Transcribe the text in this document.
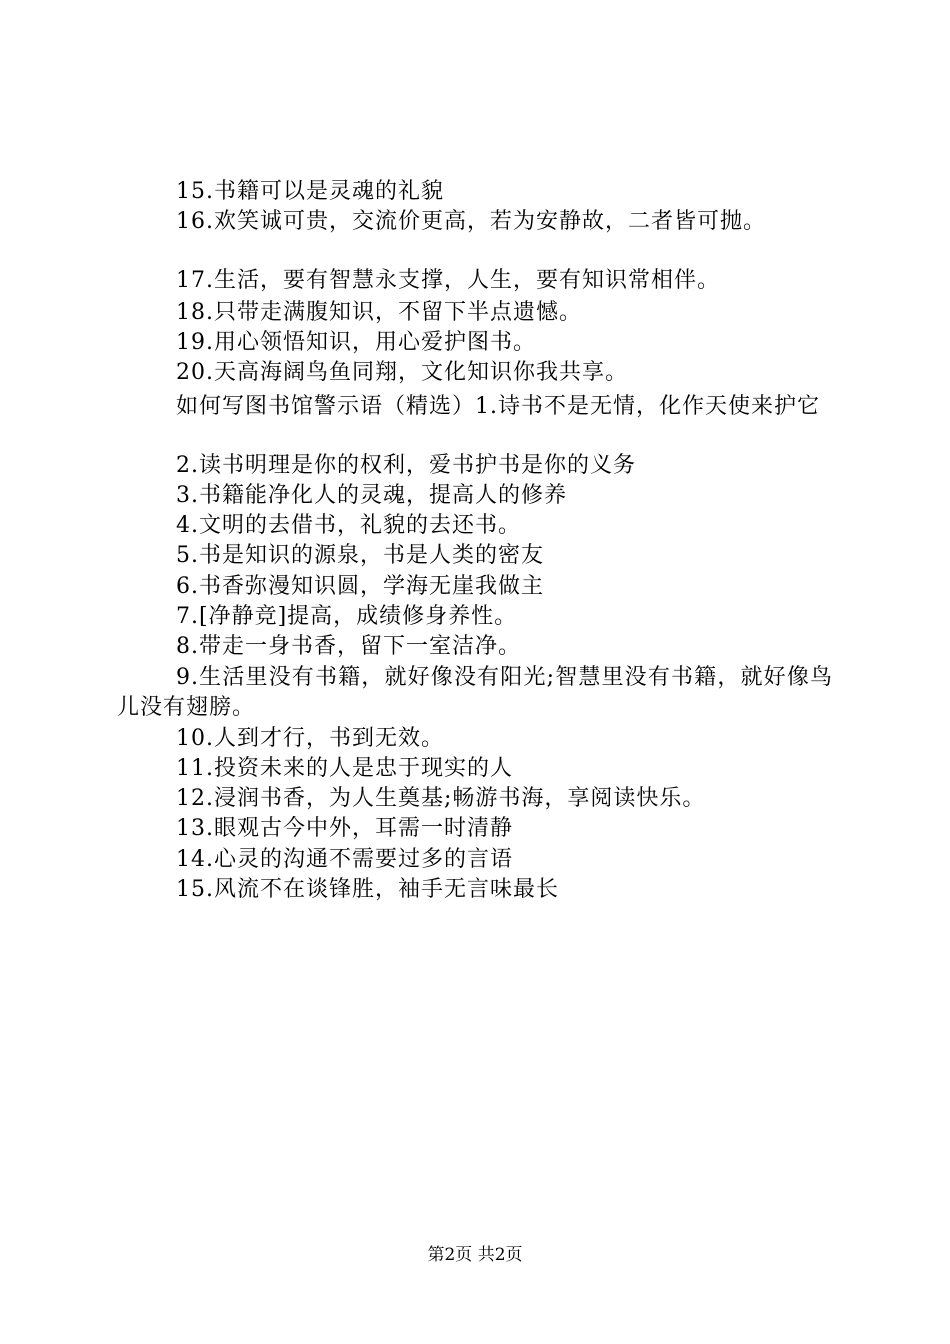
15.书籍可以是灵魂的礼貌
16.欢笑诚可贵，交流价更高，若为安静故，二者皆可抛。
17.生活，要有智慧永支撑，人生，要有知识常相伴。
18.只带走满腹知识，不留下半点遗憾。
19.用心领悟知识，用心爱护图书。
20.天高海阔鸟鱼同翔，文化知识你我共享。
如何写图书馆警示语（精选）1.诗书不是无情，化作天使来护它
2.读书明理是你的权利，爱书护书是你的义务
3.书籍能净化人的灵魂，提高人的修养
4.文明的去借书，礼貌的去还书。
5.书是知识的源泉，书是人类的密友
6.书香弥漫知识圆，学海无崖我做主
7.[净静竞]提高，成绩修身养性。
8.带走一身书香，留下一室洁净。
9.生活里没有书籍，就好像没有阳光;智慧里没有书籍，就好像鸟儿没有翅膀。
10.人到才行，书到无效。
11.投资未来的人是忠于现实的人
12.浸润书香，为人生奠基;畅游书海，享阅读快乐。
13.眼观古今中外，耳需一时清静
14.心灵的沟通不需要过多的言语
15.风流不在谈锋胜，袖手无言味最长
第2页 共2页
